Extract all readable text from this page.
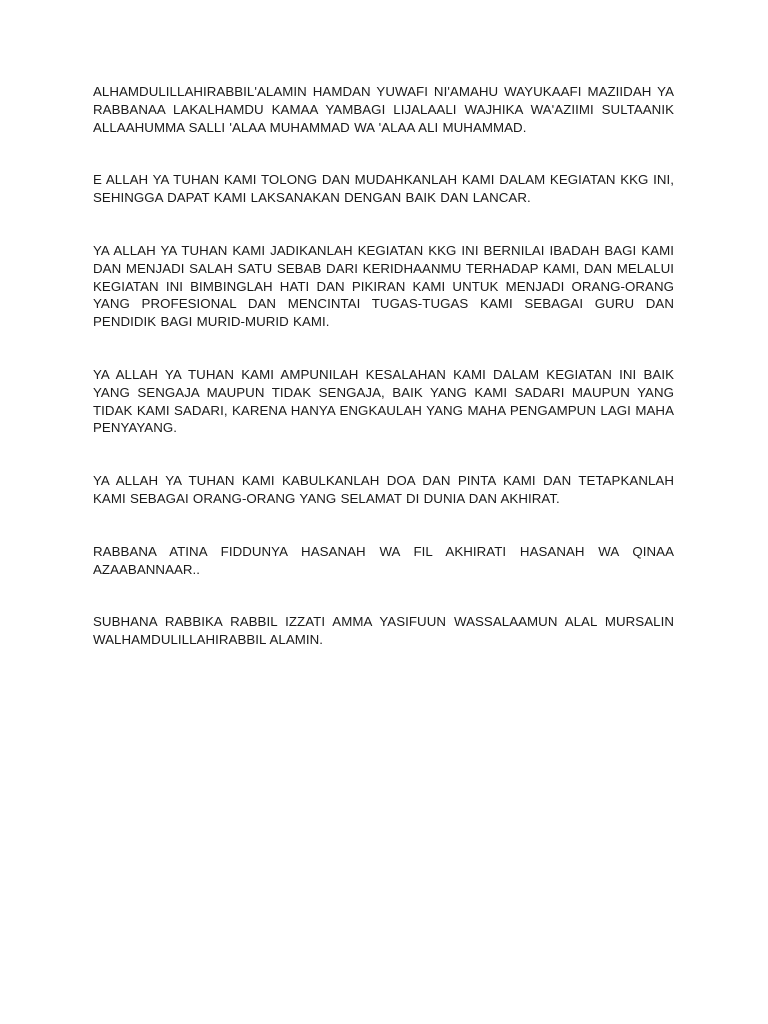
ALHAMDULILLAHIRABBIL'ALAMIN HAMDAN YUWAFI NI'AMAHU WAYUKAAFI MAZIIDAH YA RABBANAA LAKALHAMDU KAMAA YAMBAGI LIJALAALI WAJHIKA WA'AZIIMI SULTAANIK ALLAAHUMMA SALLI 'ALAA MUHAMMAD WA 'ALAA ALI MUHAMMAD.

E ALLAH YA TUHAN KAMI TOLONG DAN MUDAHKANLAH KAMI DALAM KEGIATAN KKG INI, SEHINGGA DAPAT KAMI LAKSANAKAN DENGAN BAIK DAN LANCAR.

YA ALLAH YA TUHAN KAMI JADIKANLAH KEGIATAN KKG INI BERNILAI IBADAH BAGI KAMI DAN MENJADI SALAH SATU SEBAB DARI KERIDHAANMU TERHADAP KAMI, DAN MELALUI KEGIATAN INI BIMBINGLAH HATI DAN PIKIRAN KAMI UNTUK MENJADI ORANG-ORANG YANG PROFESIONAL DAN MENCINTAI TUGAS-TUGAS KAMI SEBAGAI GURU DAN PENDIDIK BAGI MURID-MURID KAMI.

YA ALLAH YA TUHAN KAMI AMPUNILAH KESALAHAN KAMI DALAM KEGIATAN INI BAIK YANG SENGAJA MAUPUN TIDAK SENGAJA, BAIK YANG KAMI SADARI MAUPUN YANG TIDAK KAMI SADARI, KARENA HANYA ENGKAULAH YANG MAHA PENGAMPUN LAGI MAHA PENYAYANG.

YA ALLAH YA TUHAN KAMI KABULKANLAH DOA DAN PINTA KAMI DAN TETAPKANLAH KAMI SEBAGAI ORANG-ORANG YANG SELAMAT DI DUNIA DAN AKHIRAT.

RABBANA ATINA FIDDUNYA HASANAH WA FIL AKHIRATI HASANAH WA QINAA AZAABANNAAR..

SUBHANA RABBIKA RABBIL IZZATI AMMA YASIFUUN WASSALAAMUN ALAL MURSALIN WALHAMDULILLAHIRABBIL ALAMIN.
